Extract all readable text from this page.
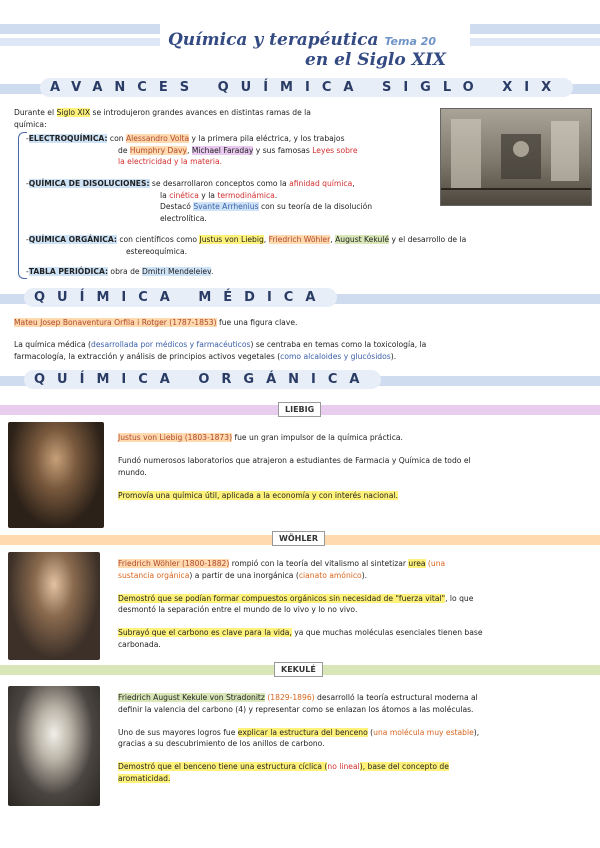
Química y terapéutica Tema 20
en el Siglo XIX
AVANCES QUÍMICA SIGLO XIX
Durante el Siglo XIX se introdujeron grandes avances en distintas ramas de la
química:
-ELECTROQUÍMICA: con Alessandro Volta y la primera pila eléctrica, y los trabajos
de Humphry Davy, Michael Faraday y sus famosas Leyes sobre
la electricidad y la materia.
-QUÍMICA DE DISOLUCIONES: se desarrollaron conceptos como la afinidad química,
la cinética y la termodinámica.
Destacó Svante Arrhenius con su teoría de la disolución
electrolítica.
-QUÍMICA ORGÁNICA: con científicos como Justus von Liebig, Friedrich Wöhler, August Kekulé y el desarrollo de la
estereoquímica.
-TABLA PERIÓDICA: obra de Dmitri Mendeleiev.
QUÍMICA MÉDICA
Mateu Josep Bonaventura Orfila i Rotger (1787-1853) fue una figura clave.
La química médica (desarrollada por médicos y farmacéuticos) se centraba en temas como la toxicología, la
farmacología, la extracción y análisis de principios activos vegetales (como alcaloides y glucósidos).
QUÍMICA ORGÁNICA
LIEBIG
Justus von Liebig (1803-1873) fue un gran impulsor de la química práctica.

Fundó numerosos laboratorios que atrajeron a estudiantes de Farmacia y Química de todo el
mundo.

Promovía una química útil, aplicada a la economía y con interés nacional.
WÖHLER
Friedrich Wöhler (1800-1882) rompió con la teoría del vitalismo al sintetizar urea (una
sustancia orgánica) a partir de una inorgánica (cianato amónico).

Demostró que se podían formar compuestos orgánicos sin necesidad de "fuerza vital", lo que
desmontó la separación entre el mundo de lo vivo y lo no vivo.

Subrayó que el carbono es clave para la vida, ya que muchas moléculas esenciales tienen base
carbonada.
KEKULÉ
Friedrich August Kekule von Stradonitz (1829-1896) desarrolló la teoría estructural moderna al
definir la valencia del carbono (4) y representar como se enlazan los átomos a las moléculas.

Uno de sus mayores logros fue explicar la estructura del benceno (una molécula muy estable),
gracias a su descubrimiento de los anillos de carbono.

Demostró que el benceno tiene una estructura cíclica (no lineal), base del concepto de
aromaticidad.
